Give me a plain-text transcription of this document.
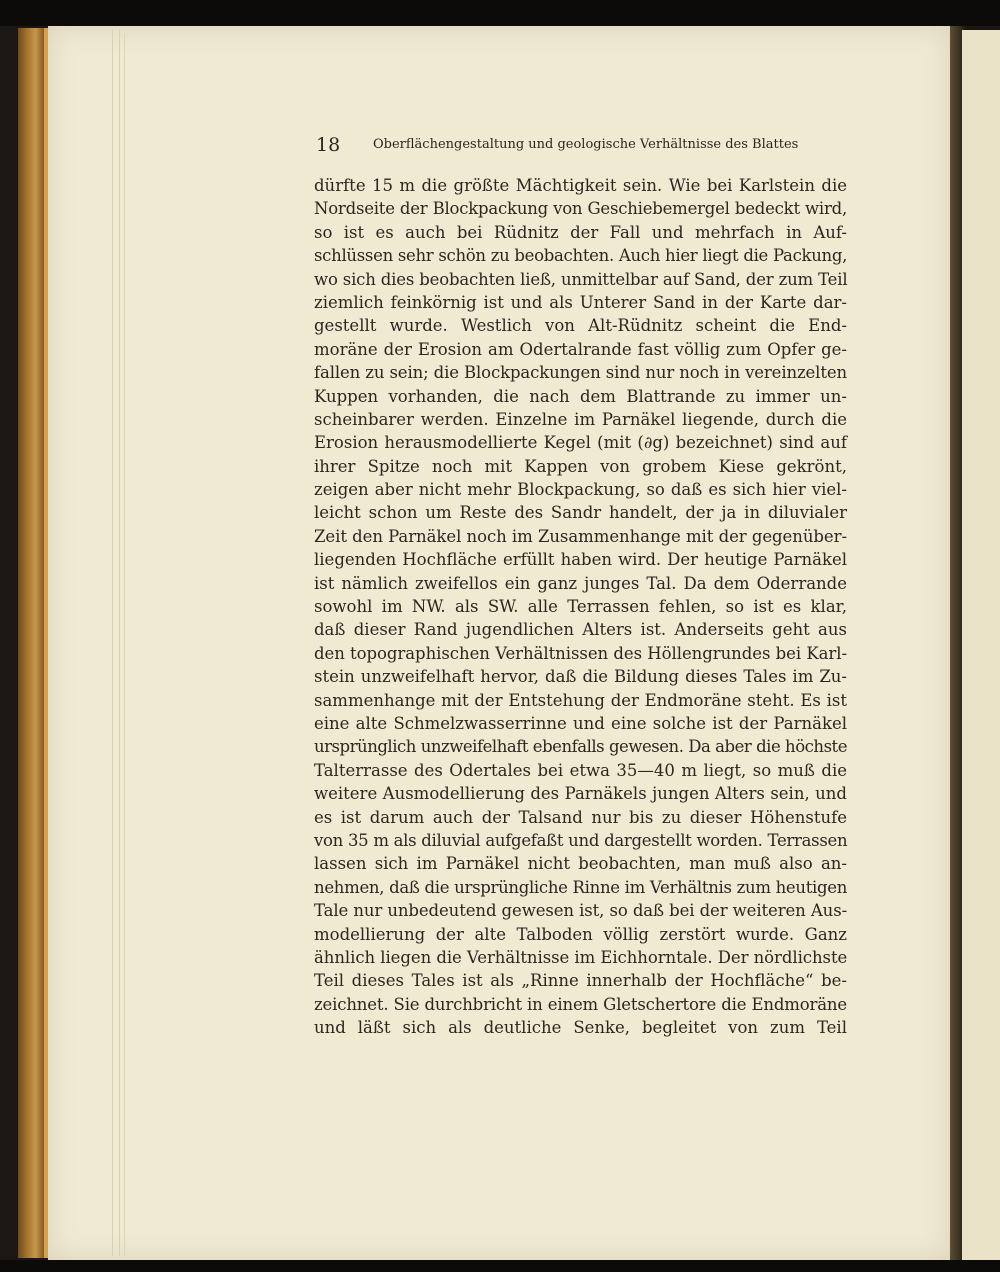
18	Oberflächengestaltung und geologische Verhältnisse des Blattes
dürfte 15 m die größte Mächtigkeit sein. Wie bei Karlstein die
Nordseite der Blockpackung von Geschiebemergel bedeckt wird,
so ist es auch bei Rüdnitz der Fall und mehrfach in Auf-
schlüssen sehr schön zu beobachten. Auch hier liegt die Packung,
wo sich dies beobachten ließ, unmittelbar auf Sand, der zum Teil
ziemlich feinkörnig ist und als Unterer Sand in der Karte dar-
gestellt wurde. Westlich von Alt-Rüdnitz scheint die End-
moräne der Erosion am Odertalrande fast völlig zum Opfer ge-
fallen zu sein; die Blockpackungen sind nur noch in vereinzelten
Kuppen vorhanden, die nach dem Blattrande zu immer un-
scheinbarer werden. Einzelne im Parnäkel liegende, durch die
Erosion herausmodellierte Kegel (mit (∂g) bezeichnet) sind auf
ihrer Spitze noch mit Kappen von grobem Kiese gekrönt,
zeigen aber nicht mehr Blockpackung, so daß es sich hier viel-
leicht schon um Reste des Sandr handelt, der ja in diluvialer
Zeit den Parnäkel noch im Zusammenhange mit der gegenüber-
liegenden Hochfläche erfüllt haben wird. Der heutige Parnäkel
ist nämlich zweifellos ein ganz junges Tal. Da dem Oderrande
sowohl im NW. als SW. alle Terrassen fehlen, so ist es klar,
daß dieser Rand jugendlichen Alters ist. Anderseits geht aus
den topographischen Verhältnissen des Höllengrundes bei Karl-
stein unzweifelhaft hervor, daß die Bildung dieses Tales im Zu-
sammenhange mit der Entstehung der Endmoräne steht. Es ist
eine alte Schmelzwasserrinne und eine solche ist der Parnäkel
ursprünglich unzweifelhaft ebenfalls gewesen. Da aber die höchste
Talterrasse des Odertales bei etwa 35—40 m liegt, so muß die
weitere Ausmodellierung des Parnäkels jungen Alters sein, und
es ist darum auch der Talsand nur bis zu dieser Höhenstufe
von 35 m als diluvial aufgefaßt und dargestellt worden. Terrassen
lassen sich im Parnäkel nicht beobachten, man muß also an-
nehmen, daß die ursprüngliche Rinne im Verhältnis zum heutigen
Tale nur unbedeutend gewesen ist, so daß bei der weiteren Aus-
modellierung der alte Talboden völlig zerstört wurde. Ganz
ähnlich liegen die Verhältnisse im Eichhorntale. Der nördlichste
Teil dieses Tales ist als „Rinne innerhalb der Hochfläche“ be-
zeichnet. Sie durchbricht in einem Gletschertore die Endmoräne
und läßt sich als deutliche Senke, begleitet von zum Teil
